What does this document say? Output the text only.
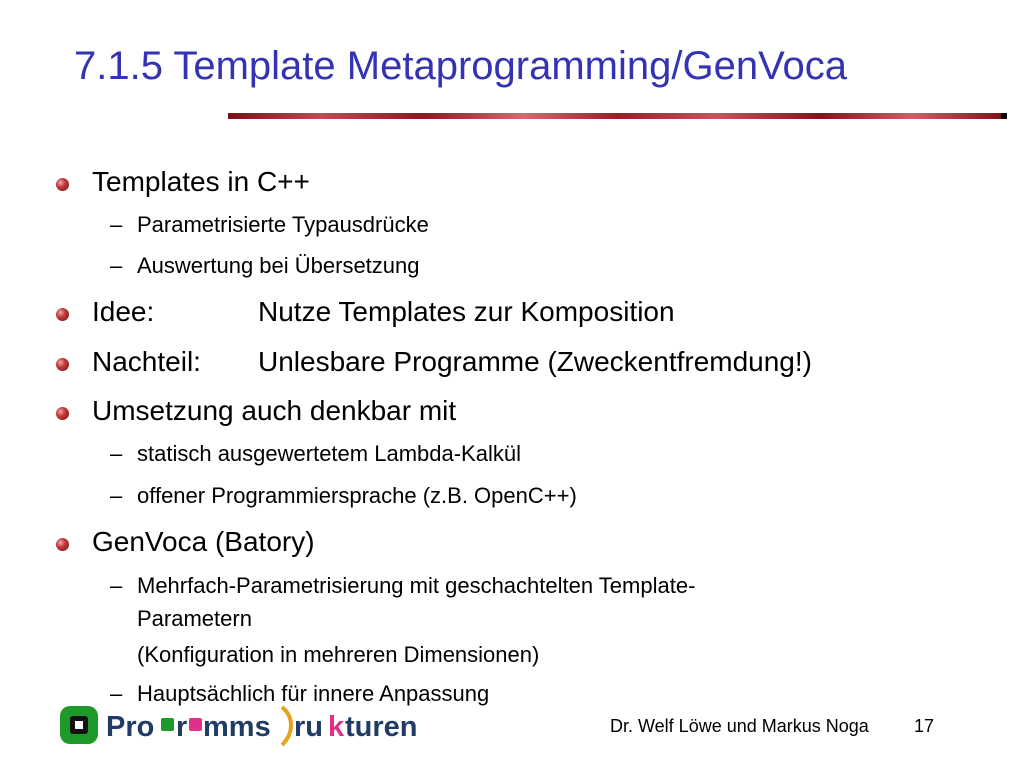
7.1.5 Template Metaprogramming/GenVoca
Templates in C++
– Parametrisierte Typausdrücke
– Auswertung bei Übersetzung
Idee:	Nutze Templates zur Komposition
Nachteil: Unlesbare Programme (Zweckentfremdung!)
Umsetzung auch denkbar mit
– statisch ausgewertetem Lambda-Kalkül
– offener Programmiersprache (z.B. OpenC++)
GenVoca (Batory)
– Mehrfach-Parametrisierung mit geschachtelten Template-
Parametern
(Konfiguration in mehreren Dimensionen)
– Hauptsächlich für innere Anpassung
Pro r mms ru k turen	Dr. Welf Löwe und Markus Noga	17
